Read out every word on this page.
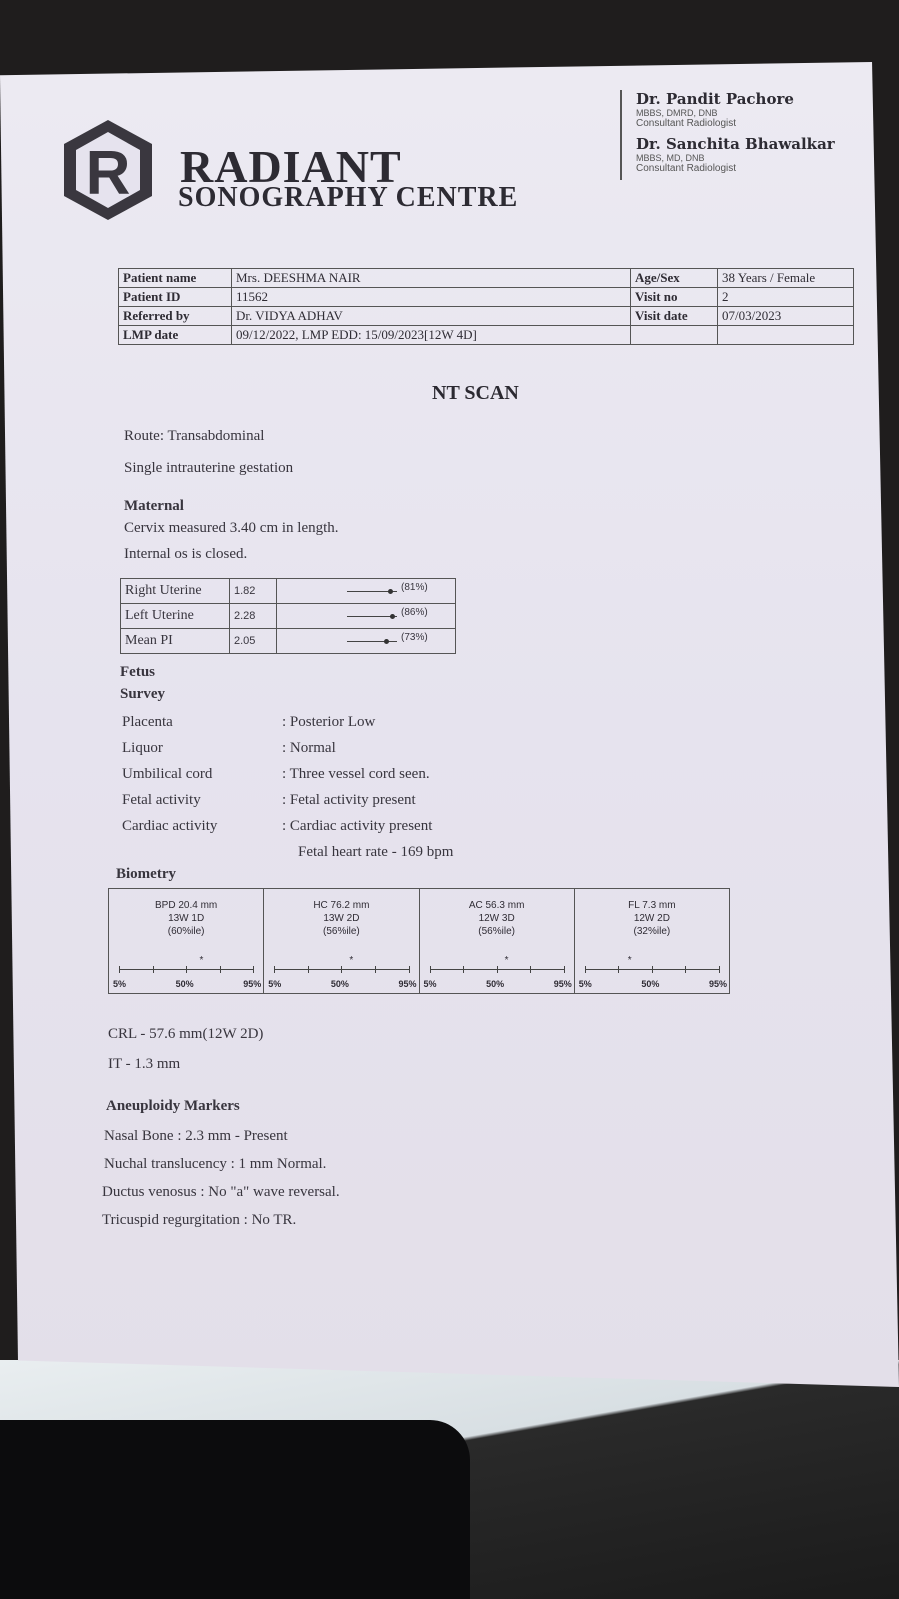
R RADIANT
SONOGRAPHY CENTRE
Dr. Pandit Pachore
MBBS, DMRD, DNB
Consultant Radiologist
Dr. Sanchita Bhawalkar
MBBS, MD, DNB
Consultant Radiologist
Patient name	Mrs. DEESHMA NAIR	Age/Sex	38 Years / Female
Patient ID	11562	Visit no	2
Referred by	Dr. VIDYA ADHAV	Visit date	07/03/2023
LMP date	09/12/2022, LMP EDD: 15/09/2023[12W 4D]		
NT SCAN
Route: Transabdominal
Single intrauterine gestation
Maternal
Cervix measured 3.40 cm in length.
Internal os is closed.
Right Uterine	1.82	(81%)

Left Uterine	2.28	(86%)

Mean PI	2.05	(73%)
Fetus
Survey
Placenta	: Posterior Low
Liquor	: Normal
Umbilical cord	: Three vessel cord seen.
Fetal activity	: Fetal activity present
Cardiac activity	: Cardiac activity present
Fetal heart rate - 169 bpm
Biometry
BPD 20.4 mm
13W 1D
(60%ile)
*
5%	50%	95%
HC 76.2 mm
13W 2D
(56%ile)
*
5%	50%	95%
AC 56.3 mm
12W 3D
(56%ile)
*
5%	50%	95%
FL 7.3 mm
12W 2D
(32%ile)
*
5%	50%	95%
CRL - 57.6 mm(12W 2D)
IT - 1.3 mm
Aneuploidy Markers
Nasal Bone : 2.3 mm - Present
Nuchal translucency : 1 mm Normal.
Ductus venosus : No "a" wave reversal.
Tricuspid regurgitation : No TR.
